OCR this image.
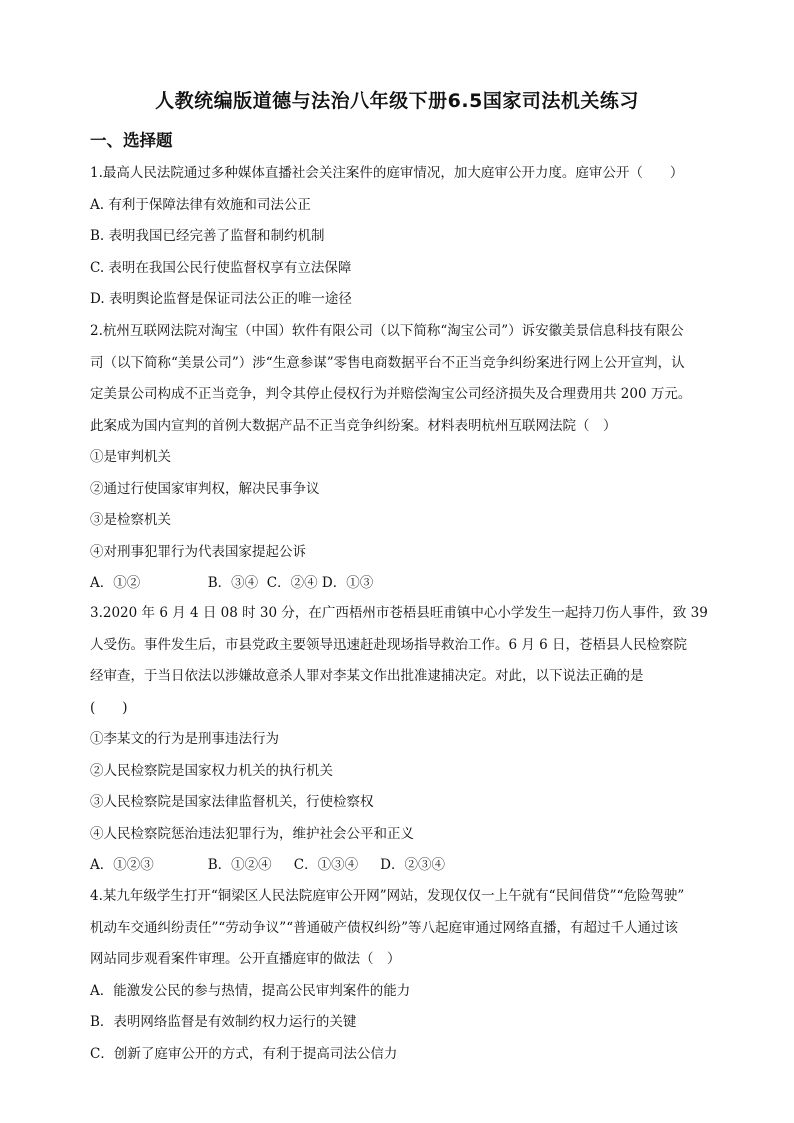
人教统编版道德与法治八年级下册6.5国家司法机关练习
一、选择题
1.最高人民法院通过多种媒体直播社会关注案件的庭审情况，加大庭审公开力度。庭审公开（　　）
A. 有利于保障法律有效施和司法公正
B. 表明我国已经完善了监督和制约机制
C. 表明在我国公民行使监督权享有立法保障
D. 表明舆论监督是保证司法公正的唯一途径
2.杭州互联网法院对淘宝（中国）软件有限公司（以下简称“淘宝公司”）诉安徽美景信息科技有限公
司（以下简称“美景公司”）涉“生意参谋”零售电商数据平台不正当竞争纠纷案进行网上公开宣判，认
定美景公司构成不正当竞争，判令其停止侵权行为并赔偿淘宝公司经济损失及合理费用共 200 万元。
此案成为国内宣判的首例大数据产品不正当竞争纠纷案。材料表明杭州互联网法院（　）
①是审判机关
②通过行使国家审判权，解决民事争议
③是检察机关
④对刑事犯罪行为代表国家提起公诉
A．①②　　　　　B．③④  C．②④ D．①③
3.2020 年 6 月 4 日 08 时 30 分，在广西梧州市苍梧县旺甫镇中心小学发生一起持刀伤人事件，致 39
人受伤。事件发生后，市县党政主要领导迅速赶赴现场指导救治工作。6 月 6 日，苍梧县人民检察院
经审查，于当日依法以涉嫌故意杀人罪对李某文作出批准逮捕决定。对此，以下说法正确的是
(　　)
①李某文的行为是刑事违法行为
②人民检察院是国家权力机关的执行机关
③人民检察院是国家法律监督机关，行使检察权
④人民检察院惩治违法犯罪行为，维护社会公平和正义
A．①②③　　　　B．①②④　  C．①③④　  D．②③④
4.某九年级学生打开“铜梁区人民法院庭审公开网”网站，发现仅仅一上午就有“民间借贷”“危险驾驶”
机动车交通纠纷责任”“劳动争议”“普通破产债权纠纷”等八起庭审通过网络直播，有超过千人通过该
网站同步观看案件审理。公开直播庭审的做法（　）
A．能激发公民的参与热情，提高公民审判案件的能力
B．表明网络监督是有效制约权力运行的关键
C．创新了庭审公开的方式，有利于提高司法公信力
